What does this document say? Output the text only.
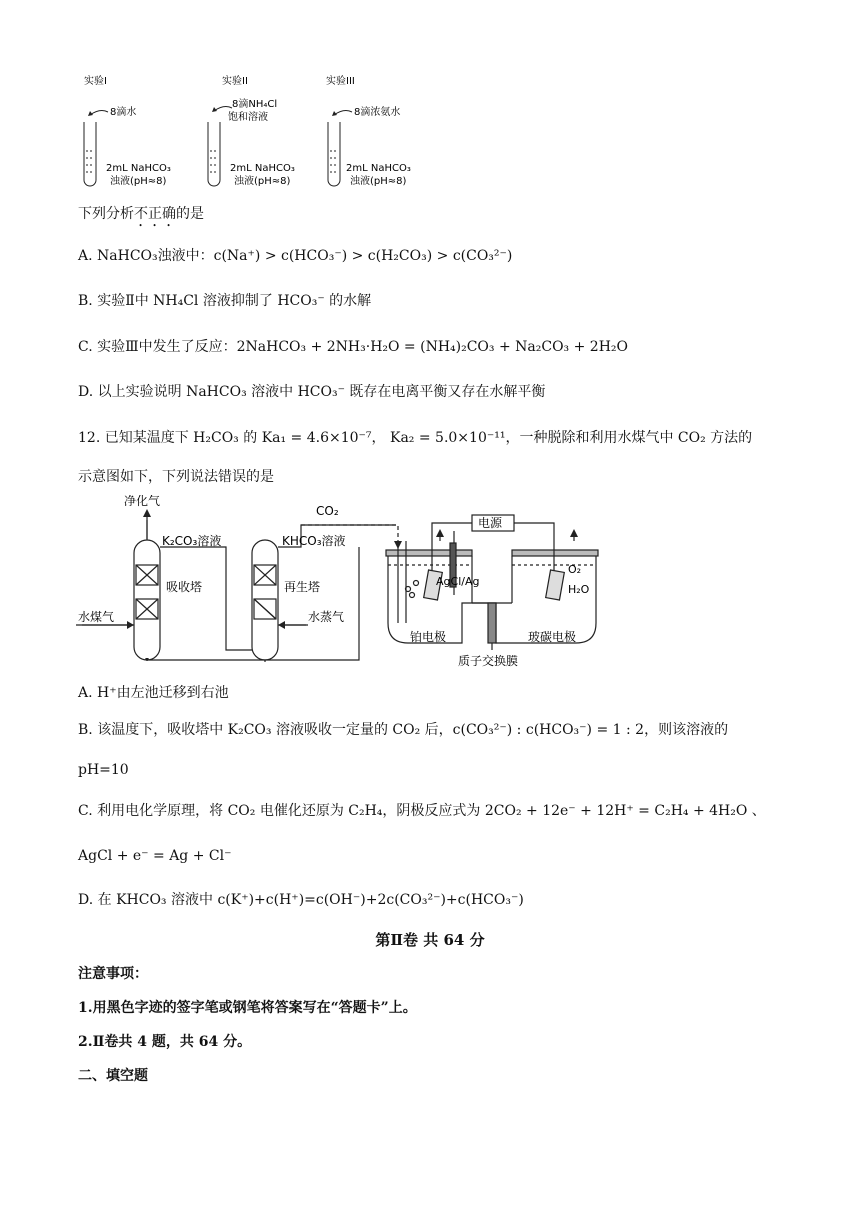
实验I
8滴水
2mL NaHCO₃
浊液(pH≈8)
实验II
8滴NH₄Cl
饱和溶液
2mL NaHCO₃
浊液(pH≈8)
实验III
8滴浓氨水
2mL NaHCO₃
浊液(pH≈8)
下列分析不正确的是
A. NaHCO₃浊液中：c(Na⁺) > c(HCO₃⁻) > c(H₂CO₃) > c(CO₃²⁻)
B. 实验Ⅱ中 NH₄Cl 溶液抑制了 HCO₃⁻ 的水解
C. 实验Ⅲ中发生了反应：2NaHCO₃ + 2NH₃·H₂O = (NH₄)₂CO₃ + Na₂CO₃ + 2H₂O
D. 以上实验说明 NaHCO₃ 溶液中 HCO₃⁻ 既存在电离平衡又存在水解平衡
12. 已知某温度下 H₂CO₃ 的 Ka₁ = 4.6×10⁻⁷， Ka₂ = 5.0×10⁻¹¹，一种脱除和利用水煤气中 CO₂ 方法的
示意图如下，下列说法错误的是
净化气
K₂CO₃溶液
CO₂
KHCO₃溶液
吸收塔	再生塔
水煤气	水蒸气
电源
AgCl/Ag
O₂
H₂O
铂电极	玻碳电极
质子交换膜
A. H⁺由左池迁移到右池
B. 该温度下，吸收塔中 K₂CO₃ 溶液吸收一定量的 CO₂ 后，c(CO₃²⁻) : c(HCO₃⁻) = 1 : 2，则该溶液的
pH=10
C. 利用电化学原理，将 CO₂ 电催化还原为 C₂H₄，阴极反应式为 2CO₂ + 12e⁻ + 12H⁺ = C₂H₄ + 4H₂O 、
AgCl + e⁻ = Ag + Cl⁻
D. 在 KHCO₃ 溶液中 c(K⁺)+c(H⁺)=c(OH⁻)+2c(CO₃²⁻)+c(HCO₃⁻)
第Ⅱ卷 共 64 分
注意事项：
1.用黑色字迹的签字笔或钢笔将答案写在“答题卡”上。
2.Ⅱ卷共 4 题，共 64 分。
二、填空题
